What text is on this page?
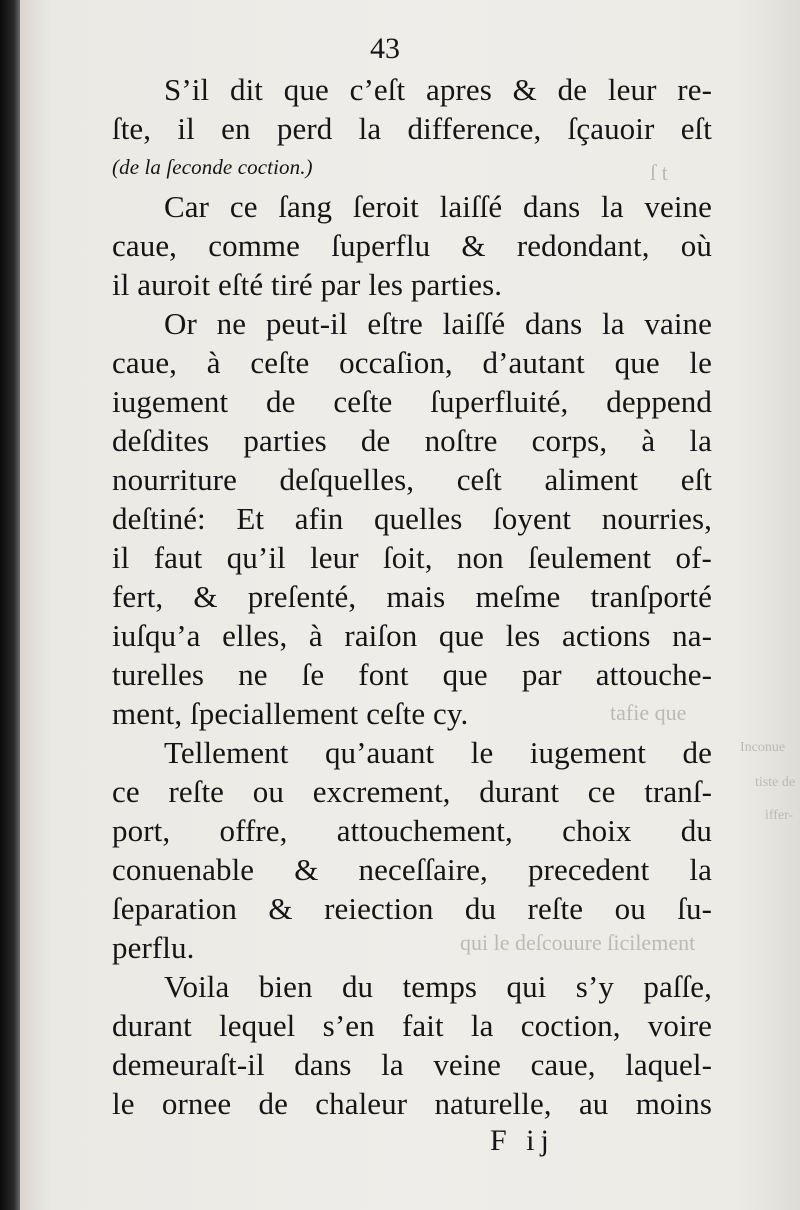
ſ t
tafie que
Inconue
tiste de
iffer-
qui le deſcouure ſicilement
43
S’il dit que c’eſt apres & de leur re-
ſte, il en perd la difference, ſçauoir eſt
(de la ſeconde coction.)
Car ce ſang ſeroit laiſſé dans la veine
caue, comme ſuperflu & redondant, où
il auroit eſté tiré par les parties.
Or ne peut-il eſtre laiſſé dans la vaine
caue, à ceſte occaſion, d’autant que le
iugement de ceſte ſuperfluité, deppend
deſdites parties de noſtre corps, à la
nourriture deſquelles, ceſt aliment eſt
deſtiné: Et afin quelles ſoyent nourries,
il faut qu’il leur ſoit, non ſeulement of-
fert, & preſenté, mais meſme tranſporté
iuſqu’a elles, à raiſon que les actions na-
turelles ne ſe font que par attouche-
ment, ſpeciallement ceſte cy.
Tellement qu’auant le iugement de
ce reſte ou excrement, durant ce tranſ-
port, offre, attouchement, choix du
conuenable & neceſſaire, precedent la
ſeparation & reiection du reſte ou ſu-
perflu.
Voila bien du temps qui s’y paſſe,
durant lequel s’en fait la coction, voire
demeuraſt-il dans la veine caue, laquel-
le ornee de chaleur naturelle, au moins
F ij
